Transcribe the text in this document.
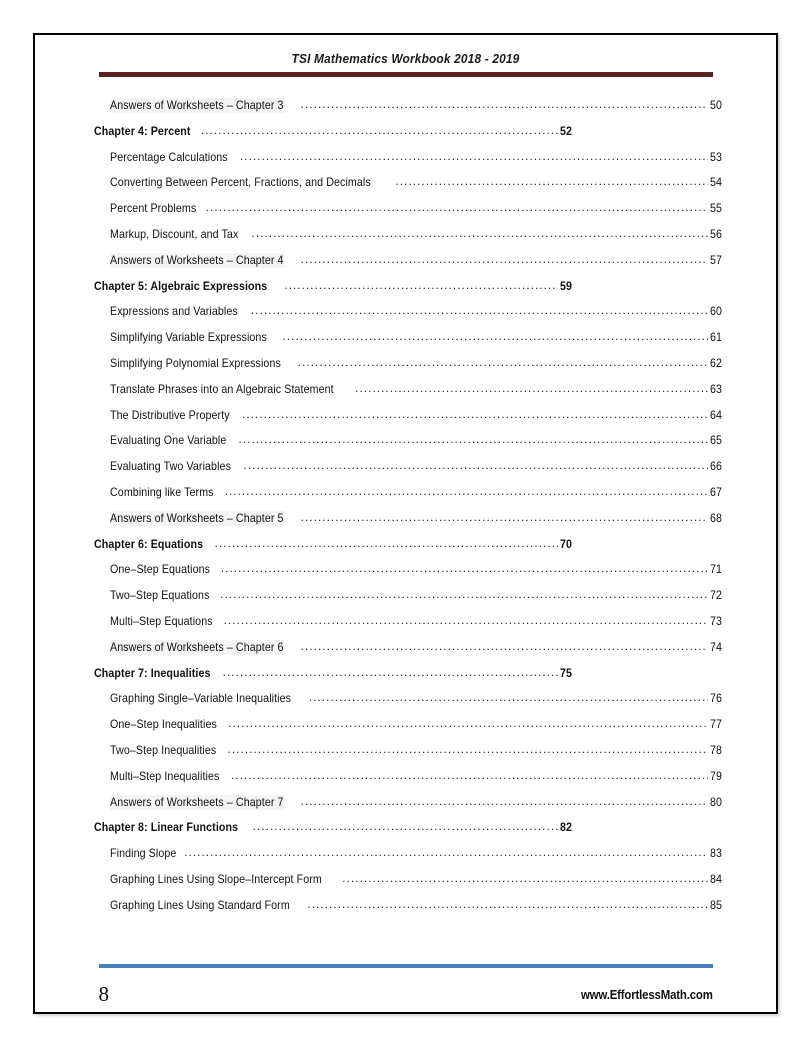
TSI Mathematics Workbook 2018 - 2019
Answers of Worksheets – Chapter 3 .....	50
Chapter 4: Percent .....	52
Percentage Calculations .....	53
Converting Between Percent, Fractions, and Decimals .....	54
Percent Problems .....	55
Markup, Discount, and Tax .....	56
Answers of Worksheets – Chapter 4 .....	57
Chapter 5: Algebraic Expressions .....	59
Expressions and Variables .....	60
Simplifying Variable Expressions .....	61
Simplifying Polynomial Expressions .....	62
Translate Phrases into an Algebraic Statement .....	63
The Distributive Property .....	64
Evaluating One Variable .....	65
Evaluating Two Variables .....	66
Combining like Terms .....	67
Answers of Worksheets – Chapter 5 .....	68
Chapter 6: Equations .....	70
One–Step Equations .....	71
Two–Step Equations .....	72
Multi–Step Equations .....	73
Answers of Worksheets – Chapter 6 .....	74
Chapter 7: Inequalities .....	75
Graphing Single–Variable Inequalities .....	76
One–Step Inequalities .....	77
Two–Step Inequalities .....	78
Multi–Step Inequalities .....	79
Answers of Worksheets – Chapter 7 .....	80
Chapter 8: Linear Functions .....	82
Finding Slope .....	83
Graphing Lines Using Slope–Intercept Form .....	84
Graphing Lines Using Standard Form .....	85
8	www.EffortlessMath.com
